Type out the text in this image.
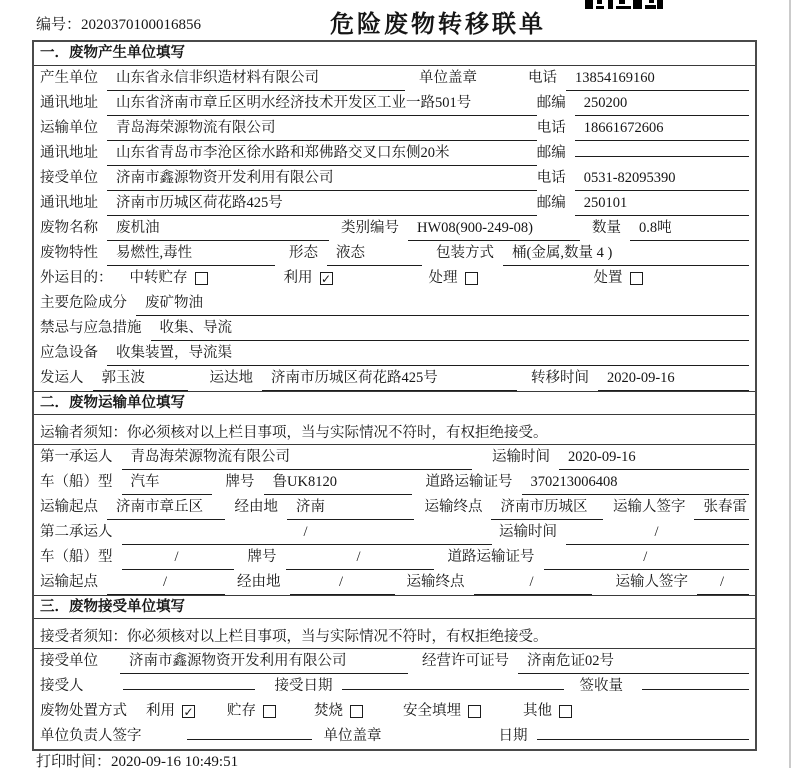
编号：2020370100016856	危险废物转移联单
一．废物产生单位填写
产生单位	山东省永信非织造材料有限公司	单位盖章	电话	13854169160
通讯地址	山东省济南市章丘区明水经济技术开发区工业一路501号	邮编	250200
运输单位	青岛海荣源物流有限公司	电话	18661672606
通讯地址	山东省青岛市李沧区徐水路和郑佛路交叉口东侧20米	邮编
接受单位	济南市鑫源物资开发利用有限公司	电话	0531-82095390
通讯地址	济南市历城区荷花路425号	邮编	250101
废物名称	废机油	类别编号	HW08(900-249-08)	数量	0.8吨
废物特性	易燃性,毒性	形态	液态	包装方式	桶(金属,数量 4 )
外运目的： 中转贮存	利用 ✓	处理	处置
主要危险成分	废矿物油
禁忌与应急措施	收集、导流
应急设备	收集装置，导流渠
发运人	郭玉波	运达地	济南市历城区荷花路425号	转移时间	2020-09-16
二．废物运输单位填写
运输者须知：你必须核对以上栏目事项，当与实际情况不符时，有权拒绝接受。
第一承运人	青岛海荣源物流有限公司	运输时间	2020-09-16
车（船）型	汽车	牌号	鲁UK8120	道路运输证号	370213006408
运输起点	济南市章丘区	经由地	济南	运输终点	济南市历城区	运输人签字	张春雷
第二承运人	/	运输时间	/
车（船）型	/	牌号	/	道路运输证号	/
运输起点	/	经由地	/	运输终点	/	运输人签字	/
三．废物接受单位填写
接受者须知：你必须核对以上栏目事项，当与实际情况不符时，有权拒绝接受。
接受单位	济南市鑫源物资开发利用有限公司	经营许可证号	济南危证02号
接受人	接受日期	签收量
废物处置方式 利用 ✓ 贮存	焚烧	安全填埋	其他
单位负责人签字	单位盖章	日期
打印时间：2020-09-16 10:49:51
